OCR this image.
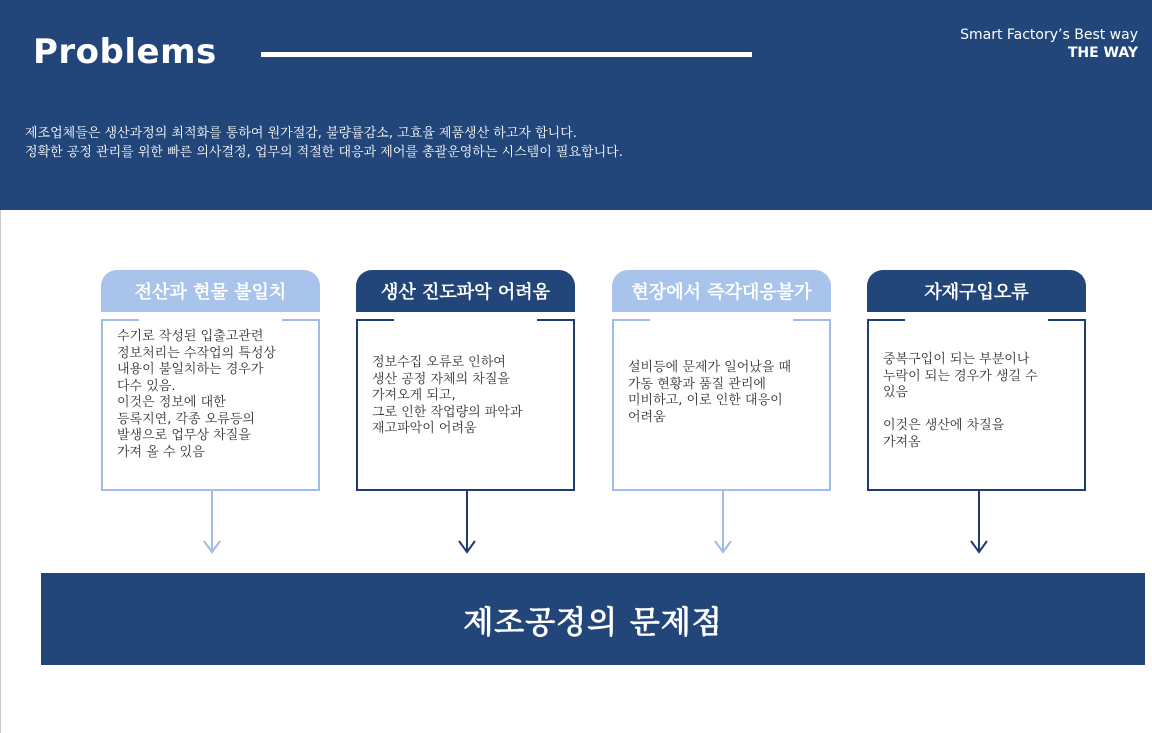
Problems	Smart Factory’s Best way
THE WAY
제조업체들은 생산과정의 최적화를 통하여 원가절감, 불량률감소, 고효율 제품생산 하고자 합니다.
정확한 공정 관리를 위한 빠른 의사결정, 업무의 적절한 대응과 제어를 총괄운영하는 시스템이 필요합니다.
전산과 현물 불일치
수기로 작성된 입출고관련
정보처리는 수작업의 특성상
내용이 불일치하는 경우가
다수 있음.
이것은 정보에 대한
등록지연, 각종 오류등의
발생으로 업무상 차질을
가져 올 수 있음
생산 진도파악 어려움
정보수집 오류로 인하여
생산 공정 자체의 차질을
가져오게 되고,
그로 인한 작업량의 파악과
재고파악이 어려움
현장에서 즉각대응불가
설비등에 문제가 일어났을 때
가동 현황과 품질 관리에
미비하고, 이로 인한 대응이
어려움
자재구입오류
중복구입이 되는 부분이나
누락이 되는 경우가 생길 수
있음

이것은 생산에 차질을
가져옴
제조공정의 문제점
